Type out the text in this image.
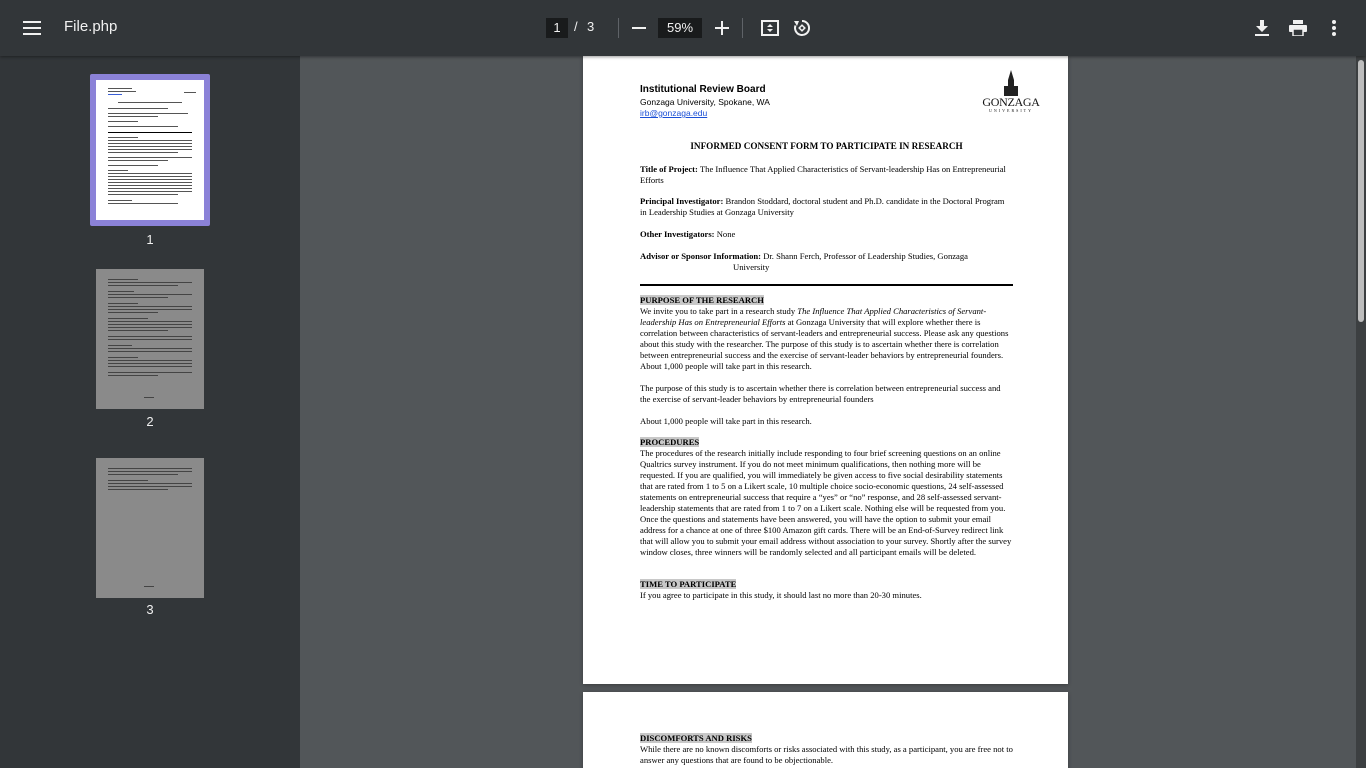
File.php	1	/ 3	59%
1
2
3
Institutional Review Board
Gonzaga University, Spokane, WA
irb@gonzaga.edu
GONZAGA
UNIVERSITY
INFORMED CONSENT FORM TO PARTICIPATE IN RESEARCH
Title of Project: The Influence That Applied Characteristics of Servant-leadership Has on Entrepreneurial Efforts
Principal Investigator: Brandon Stoddard, doctoral student and Ph.D. candidate in the Doctoral Program in Leadership Studies at Gonzaga University
Other Investigators: None
Advisor or Sponsor Information: Dr. Shann Ferch, Professor of Leadership Studies, Gonzaga
University
PURPOSE OF THE RESEARCH
We invite you to take part in a research study The Influence That Applied Characteristics of Servant-leadership Has on Entrepreneurial Efforts at Gonzaga University that will explore whether there is correlation between characteristics of servant-leaders and entrepreneurial success. Please ask any questions about this study with the researcher. The purpose of this study is to ascertain whether there is correlation between entrepreneurial success and the exercise of servant-leader behaviors by entrepreneurial founders. About 1,000 people will take part in this research.
The purpose of this study is to ascertain whether there is correlation between entrepreneurial success and the exercise of servant-leader behaviors by entrepreneurial founders
About 1,000 people will take part in this research.
PROCEDURES
The procedures of the research initially include responding to four brief screening questions on an online Qualtrics survey instrument. If you do not meet minimum qualifications, then nothing more will be requested. If you are qualified, you will immediately be given access to five social desirability statements that are rated from 1 to 5 on a Likert scale, 10 multiple choice socio-economic questions, 24 self-assessed statements on entrepreneurial success that require a “yes” or “no” response, and 28 self-assessed servant-leadership statements that are rated from 1 to 7 on a Likert scale. Nothing else will be requested from you. Once the questions and statements have been answered, you will have the option to submit your email address for a chance at one of three $100 Amazon gift cards. There will be an End-of-Survey redirect link that will allow you to submit your email address without association to your survey. Shortly after the survey window closes, three winners will be randomly selected and all participant emails will be deleted.
TIME TO PARTICIPATE
If you agree to participate in this study, it should last no more than 20-30 minutes.
DISCOMFORTS AND RISKS
While there are no known discomforts or risks associated with this study, as a participant, you are free not to answer any questions that are found to be objectionable.
